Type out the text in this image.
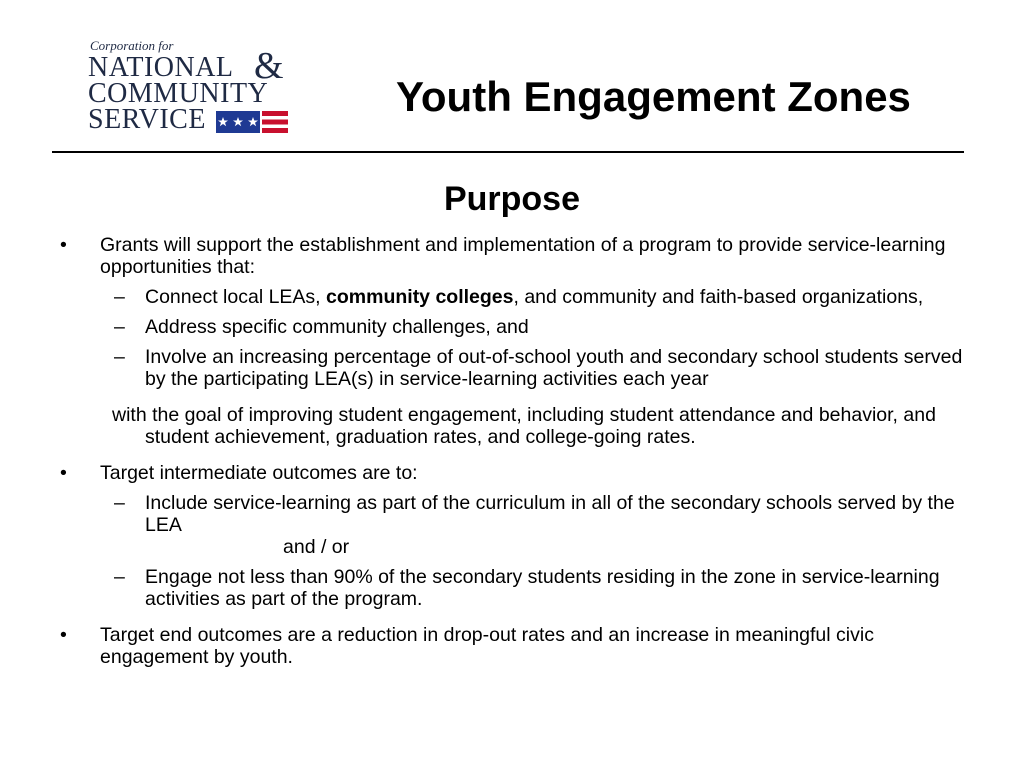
Corporation for
NATIONAL &
COMMUNITY
SERVICE	Youth Engagement Zones
Purpose
• Grants will support the establishment and implementation of a program to provide service-learning opportunities that:
– Connect local LEAs, community colleges, and community and faith-based organizations,
– Address specific community challenges, and
– Involve an increasing percentage of out-of-school youth and secondary school students served by the participating LEA(s) in service-learning activities each year
with the goal of improving student engagement, including student attendance and behavior, and student achievement, graduation rates, and college-going rates.
• Target intermediate outcomes are to:
– Include service-learning as part of the curriculum in all of the secondary schools served by the LEA
and / or
– Engage not less than 90% of the secondary students residing in the zone in service-learning activities as part of the program.
• Target end outcomes are a reduction in drop-out rates and an increase in meaningful civic engagement by youth.
